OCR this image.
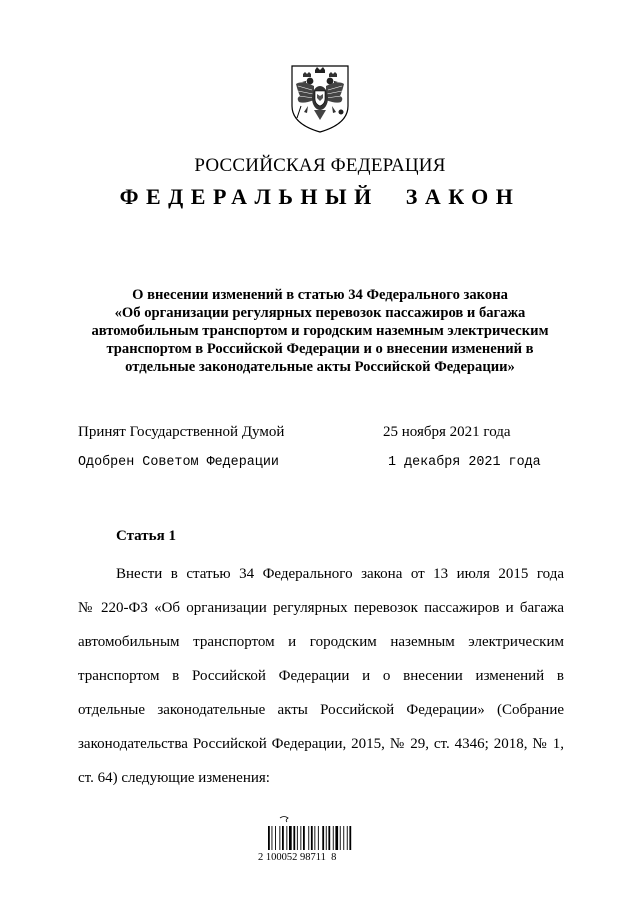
РОССИЙСКАЯ ФЕДЕРАЦИЯ
ФЕДЕРАЛЬНЫЙ ЗАКОН
О внесении изменений в статью 34 Федерального закона
«Об организации регулярных перевозок пассажиров и багажа
автомобильным транспортом и городским наземным электрическим
транспортом в Российской Федерации и о внесении изменений в
отдельные законодательные акты Российской Федерации»
Принят Государственной Думой	25 ноября 2021 года
Одобрен Советом Федерации	1 декабря 2021 года
Статья 1
Внести в статью 34 Федерального закона от 13 июля 2015 года
№ 220-ФЗ «Об организации регулярных перевозок пассажиров и багажа
автомобильным транспортом и городским наземным электрическим
транспортом в Российской Федерации и о внесении изменений в
отдельные законодательные акты Российской Федерации» (Собрание
законодательства Российской Федерации, 2015, № 29, ст. 4346; 2018, № 1,
ст. 64) следующие изменения:
2 100052 98711  8
